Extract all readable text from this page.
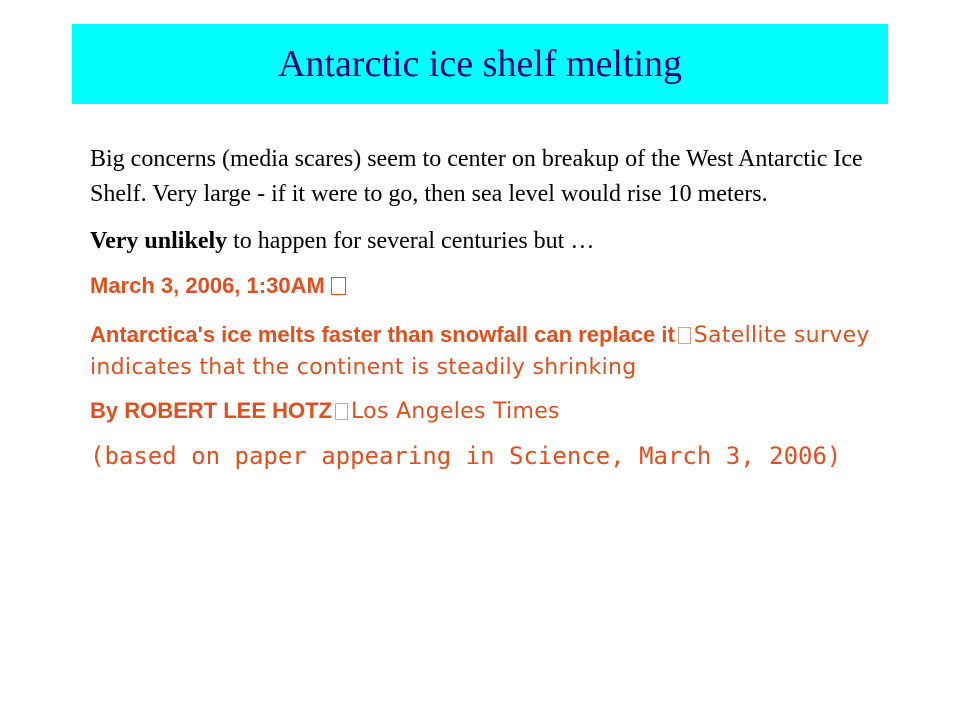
Antarctic ice shelf melting

Big concerns (media scares) seem to center on breakup of the West Antarctic Ice Shelf. Very large - if it were to go, then sea level would rise 10 meters.

Very unlikely to happen for several centuries but …

March 3, 2006, 1:30AM

Antarctica's ice melts faster than snowfall can replace it Satellite survey indicates that the continent is steadily shrinking

By ROBERT LEE HOTZ Los Angeles Times

(based on paper appearing in Science, March 3, 2006)
